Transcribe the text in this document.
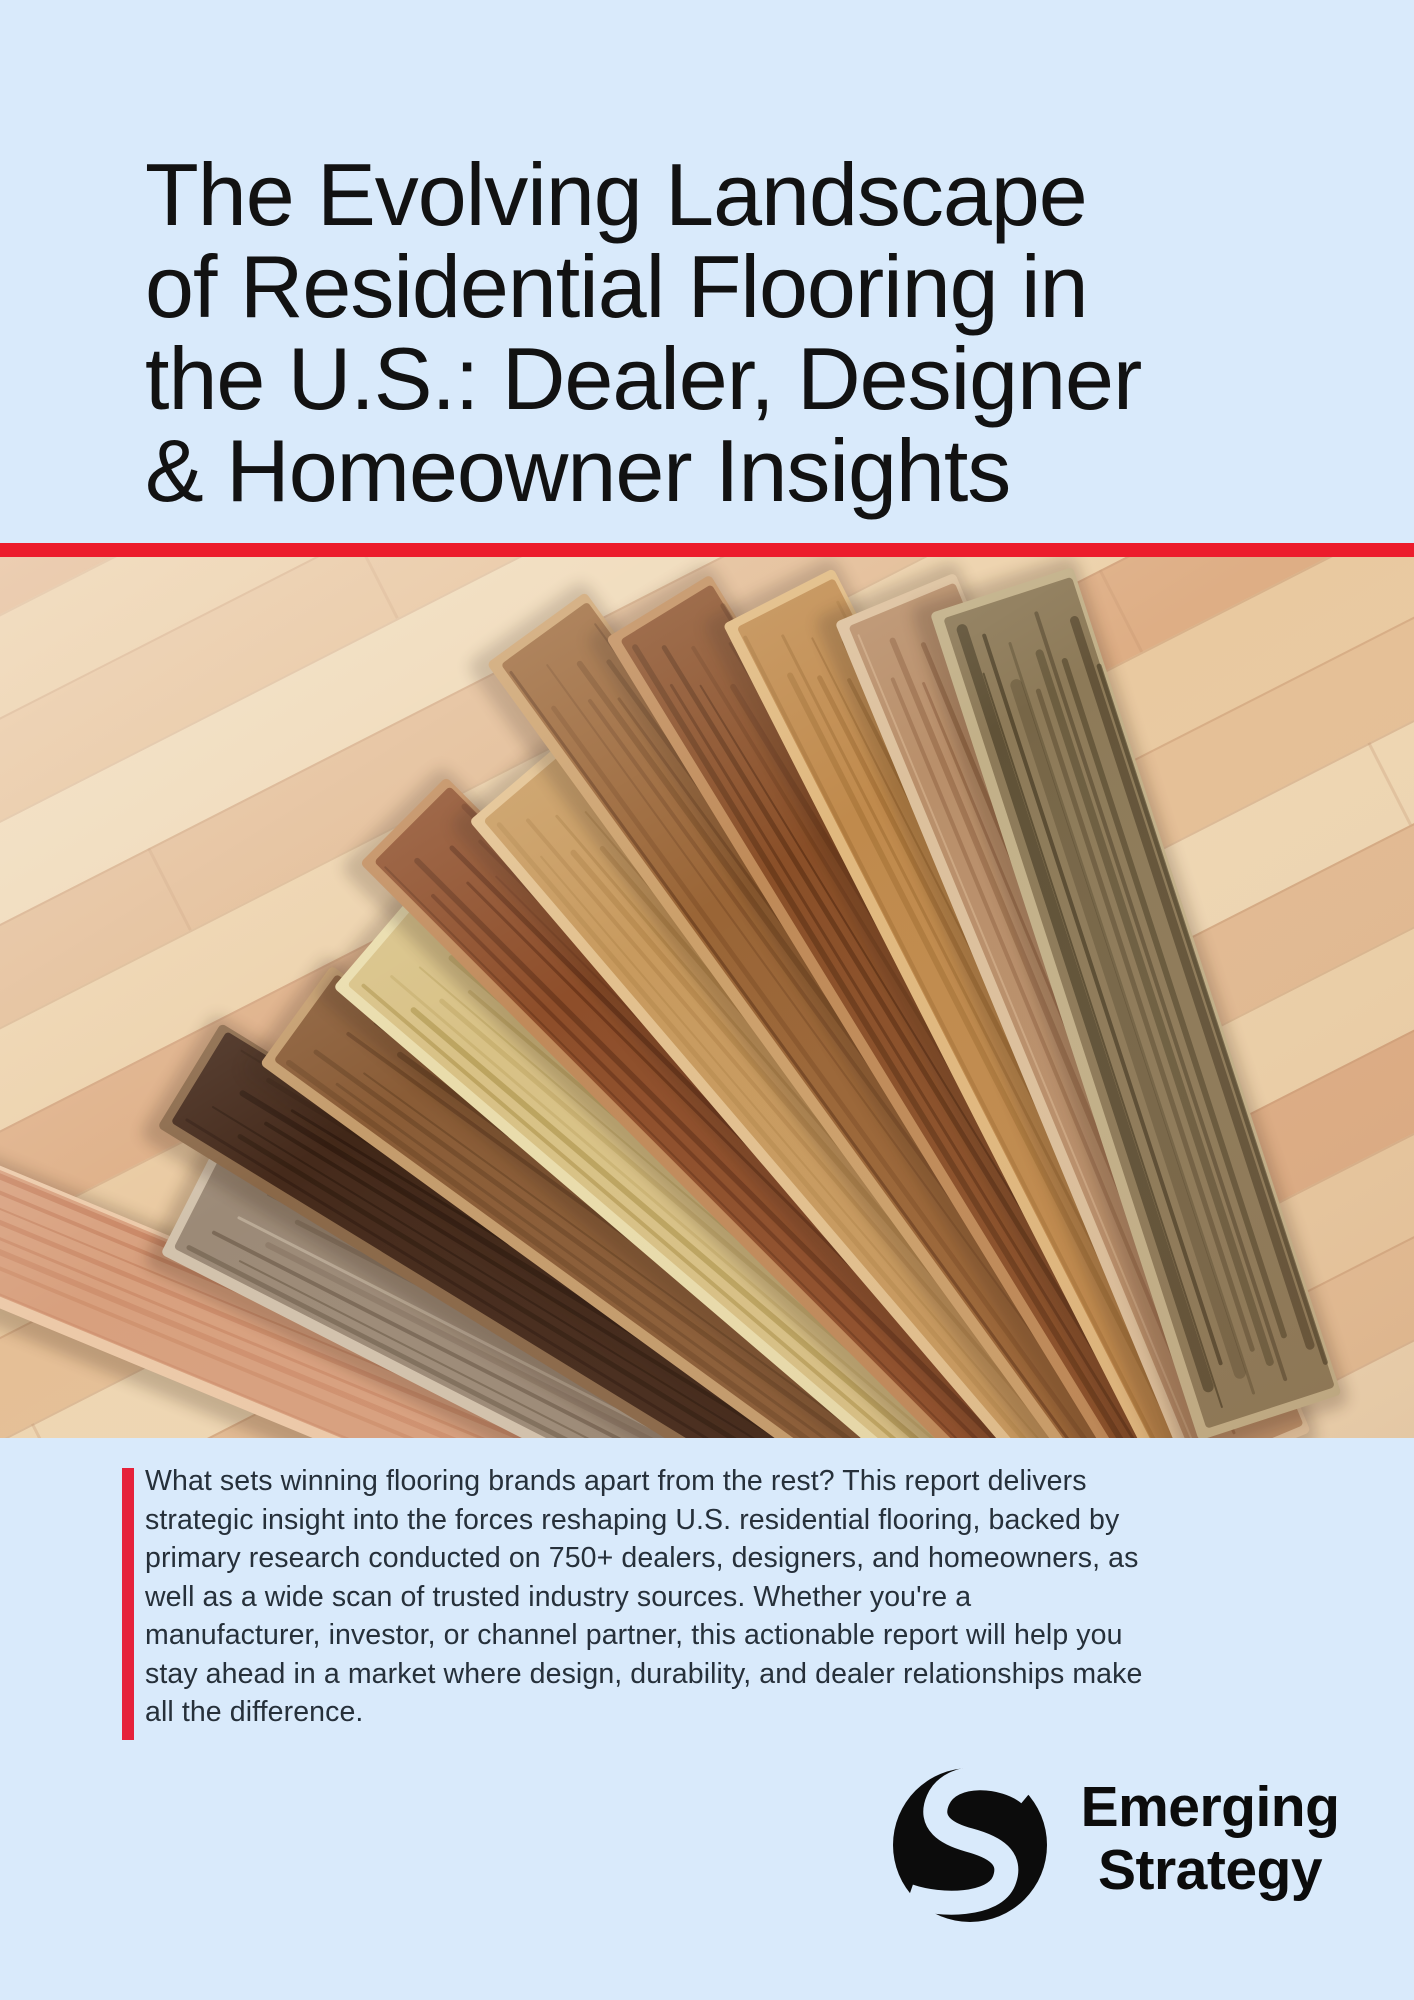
The Evolving Landscape
of Residential Flooring in
the U.S.: Dealer, Designer
& Homeowner Insights
What sets winning flooring brands apart from the rest? This report delivers
strategic insight into the forces reshaping U.S. residential flooring, backed by
primary research conducted on 750+ dealers, designers, and homeowners, as
well as a wide scan of trusted industry sources. Whether you're a
manufacturer, investor, or channel partner, this actionable report will help you
stay ahead in a market where design, durability, and dealer relationships make
all the difference.
Emerging
Strategy
